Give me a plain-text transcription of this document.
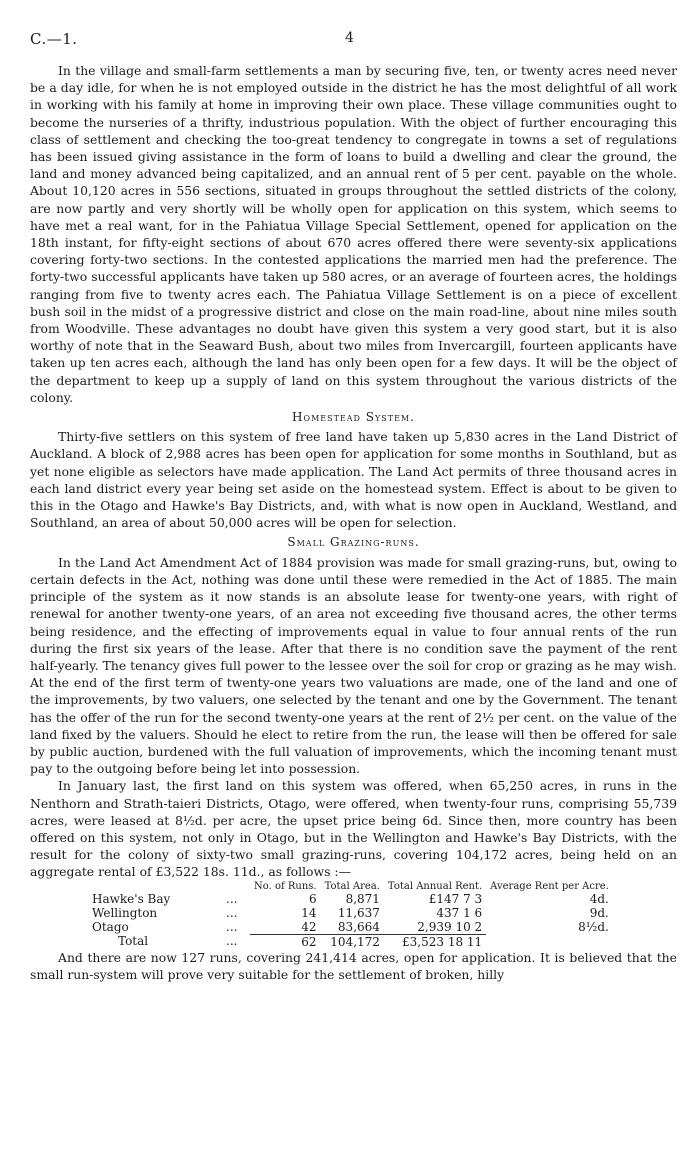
C.—1.	4

In the village and small-farm settlements a man by securing five, ten, or twenty acres need never be a day idle, for when he is not employed outside in the district he has the most delightful of all work in working with his family at home in improving their own place. These village communities ought to become the nurseries of a thrifty, industrious population. With the object of further encouraging this class of settlement and checking the too-great tendency to congregate in towns a set of regulations has been issued giving assistance in the form of loans to build a dwelling and clear the ground, the land and money advanced being capitalized, and an annual rent of 5 per cent. payable on the whole. About 10,120 acres in 556 sections, situated in groups throughout the settled districts of the colony, are now partly and very shortly will be wholly open for application on this system, which seems to have met a real want, for in the Pahiatua Village Special Settlement, opened for application on the 18th instant, for fifty-eight sections of about 670 acres offered there were seventy-six applications covering forty-two sections. In the contested applications the married men had the preference. The forty-two successful applicants have taken up 580 acres, or an average of fourteen acres, the holdings ranging from five to twenty acres each. The Pahiatua Village Settlement is on a piece of excellent bush soil in the midst of a progressive district and close on the main road-line, about nine miles south from Woodville. These advantages no doubt have given this system a very good start, but it is also worthy of note that in the Seaward Bush, about two miles from Invercargill, fourteen applicants have taken up ten acres each, although the land has only been open for a few days. It will be the object of the department to keep up a supply of land on this system throughout the various districts of the colony.

Homestead System.

Thirty-five settlers on this system of free land have taken up 5,830 acres in the Land District of Auckland. A block of 2,988 acres has been open for application for some months in Southland, but as yet none eligible as selectors have made application. The Land Act permits of three thousand acres in each land district every year being set aside on the homestead system. Effect is about to be given to this in the Otago and Hawke's Bay Districts, and, with what is now open in Auckland, Westland, and Southland, an area of about 50,000 acres will be open for selection.

Small Grazing-runs.

In the Land Act Amendment Act of 1884 provision was made for small grazing-runs, but, owing to certain defects in the Act, nothing was done until these were remedied in the Act of 1885. The main principle of the system as it now stands is an absolute lease for twenty-one years, with right of renewal for another twenty-one years, of an area not exceeding five thousand acres, the other terms being residence, and the effecting of improvements equal in value to four annual rents of the run during the first six years of the lease. After that there is no condition save the payment of the rent half-yearly. The tenancy gives full power to the lessee over the soil for crop or grazing as he may wish. At the end of the first term of twenty-one years two valuations are made, one of the land and one of the improvements, by two valuers, one selected by the tenant and one by the Government. The tenant has the offer of the run for the second twenty-one years at the rent of 2½ per cent. on the value of the land fixed by the valuers. Should he elect to retire from the run, the lease will then be offered for sale by public auction, burdened with the full valuation of improvements, which the incoming tenant must pay to the outgoing before being let into possession.

In January last, the first land on this system was offered, when 65,250 acres, in runs in the Nenthorn and Strath-taieri Districts, Otago, were offered, when twenty-four runs, comprising 55,739 acres, were leased at 8½d. per acre, the upset price being 6d. Since then, more country has been offered on this system, not only in Otago, but in the Wellington and Hawke's Bay Districts, with the result for the colony of sixty-two small grazing-runs, covering 104,172 acres, being held on an aggregate rental of £3,522 18s. 11d., as follows :—

		No. of Runs.	Total Area.	Total Annual Rent.	Average Rent per Acre.
Hawke's Bay	...	6	8,871	£147 7 3	4d.
Wellington	...	14	11,637	437 1 6	9d.
Otago	...	42	83,664	2,939 10 2	8½d.
Total	...	62	104,172	£3,523 18 11	

And there are now 127 runs, covering 241,414 acres, open for application. It is believed that the small run-system will prove very suitable for the settlement of broken, hilly
